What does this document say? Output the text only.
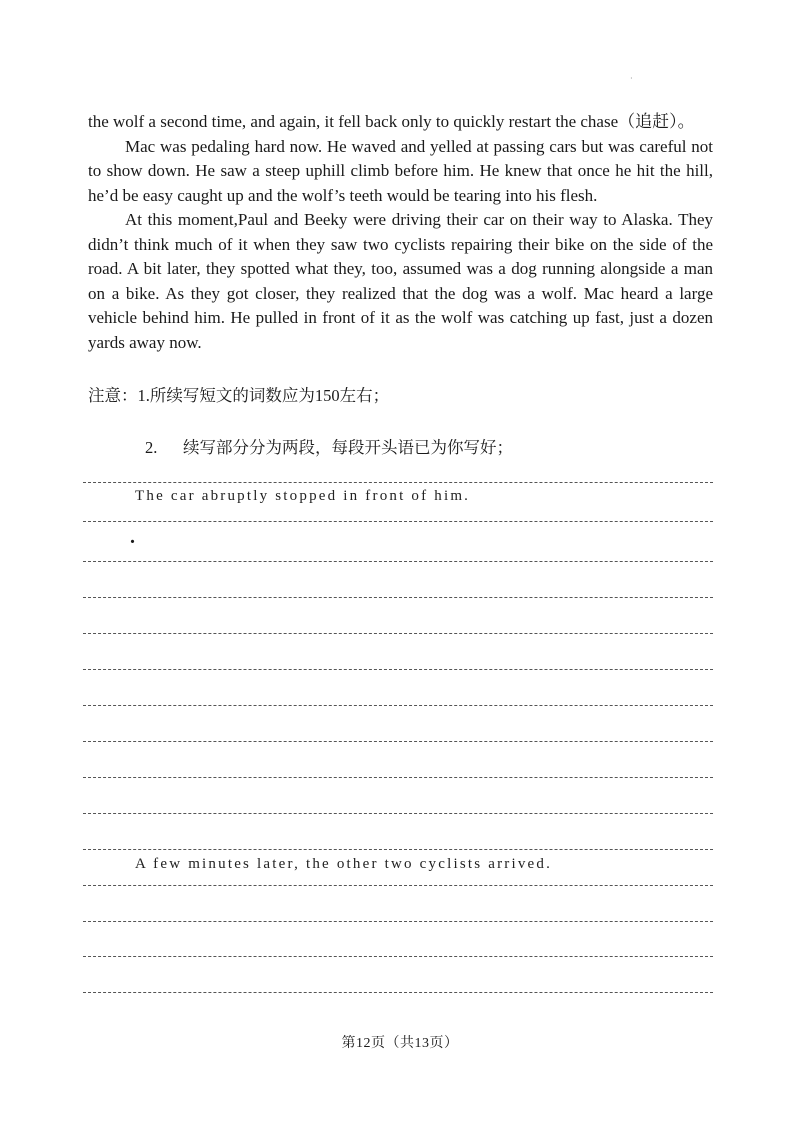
·

the wolf a second time, and again, it fell back only to quickly restart the chase（追赶）。

Mac was pedaling hard now. He waved and yelled at passing cars but was careful not to show down. He saw a steep uphill climb before him. He knew that once he hit the hill, he’d be easy caught up and the wolf’s teeth would be tearing into his flesh.

At this moment,Paul and Beeky were driving their car on their way to Alaska. They didn’t think much of it when they saw two cyclists repairing their bike on the side of the road. A bit later, they spotted what they, too, assumed was a dog running alongside a man on a bike. As they got closer, they realized that the dog was a wolf. Mac heard a large vehicle behind him. He pulled in front of it as the wolf was catching up fast, just a dozen yards away now.

注意：1.所续写短文的词数应为150左右；
2. 续写部分分为两段，每段开头语已为你写好；
The car abruptly stopped in front of him.
.
A few minutes later, the other two cyclists arrived.
第12页（共13页）
